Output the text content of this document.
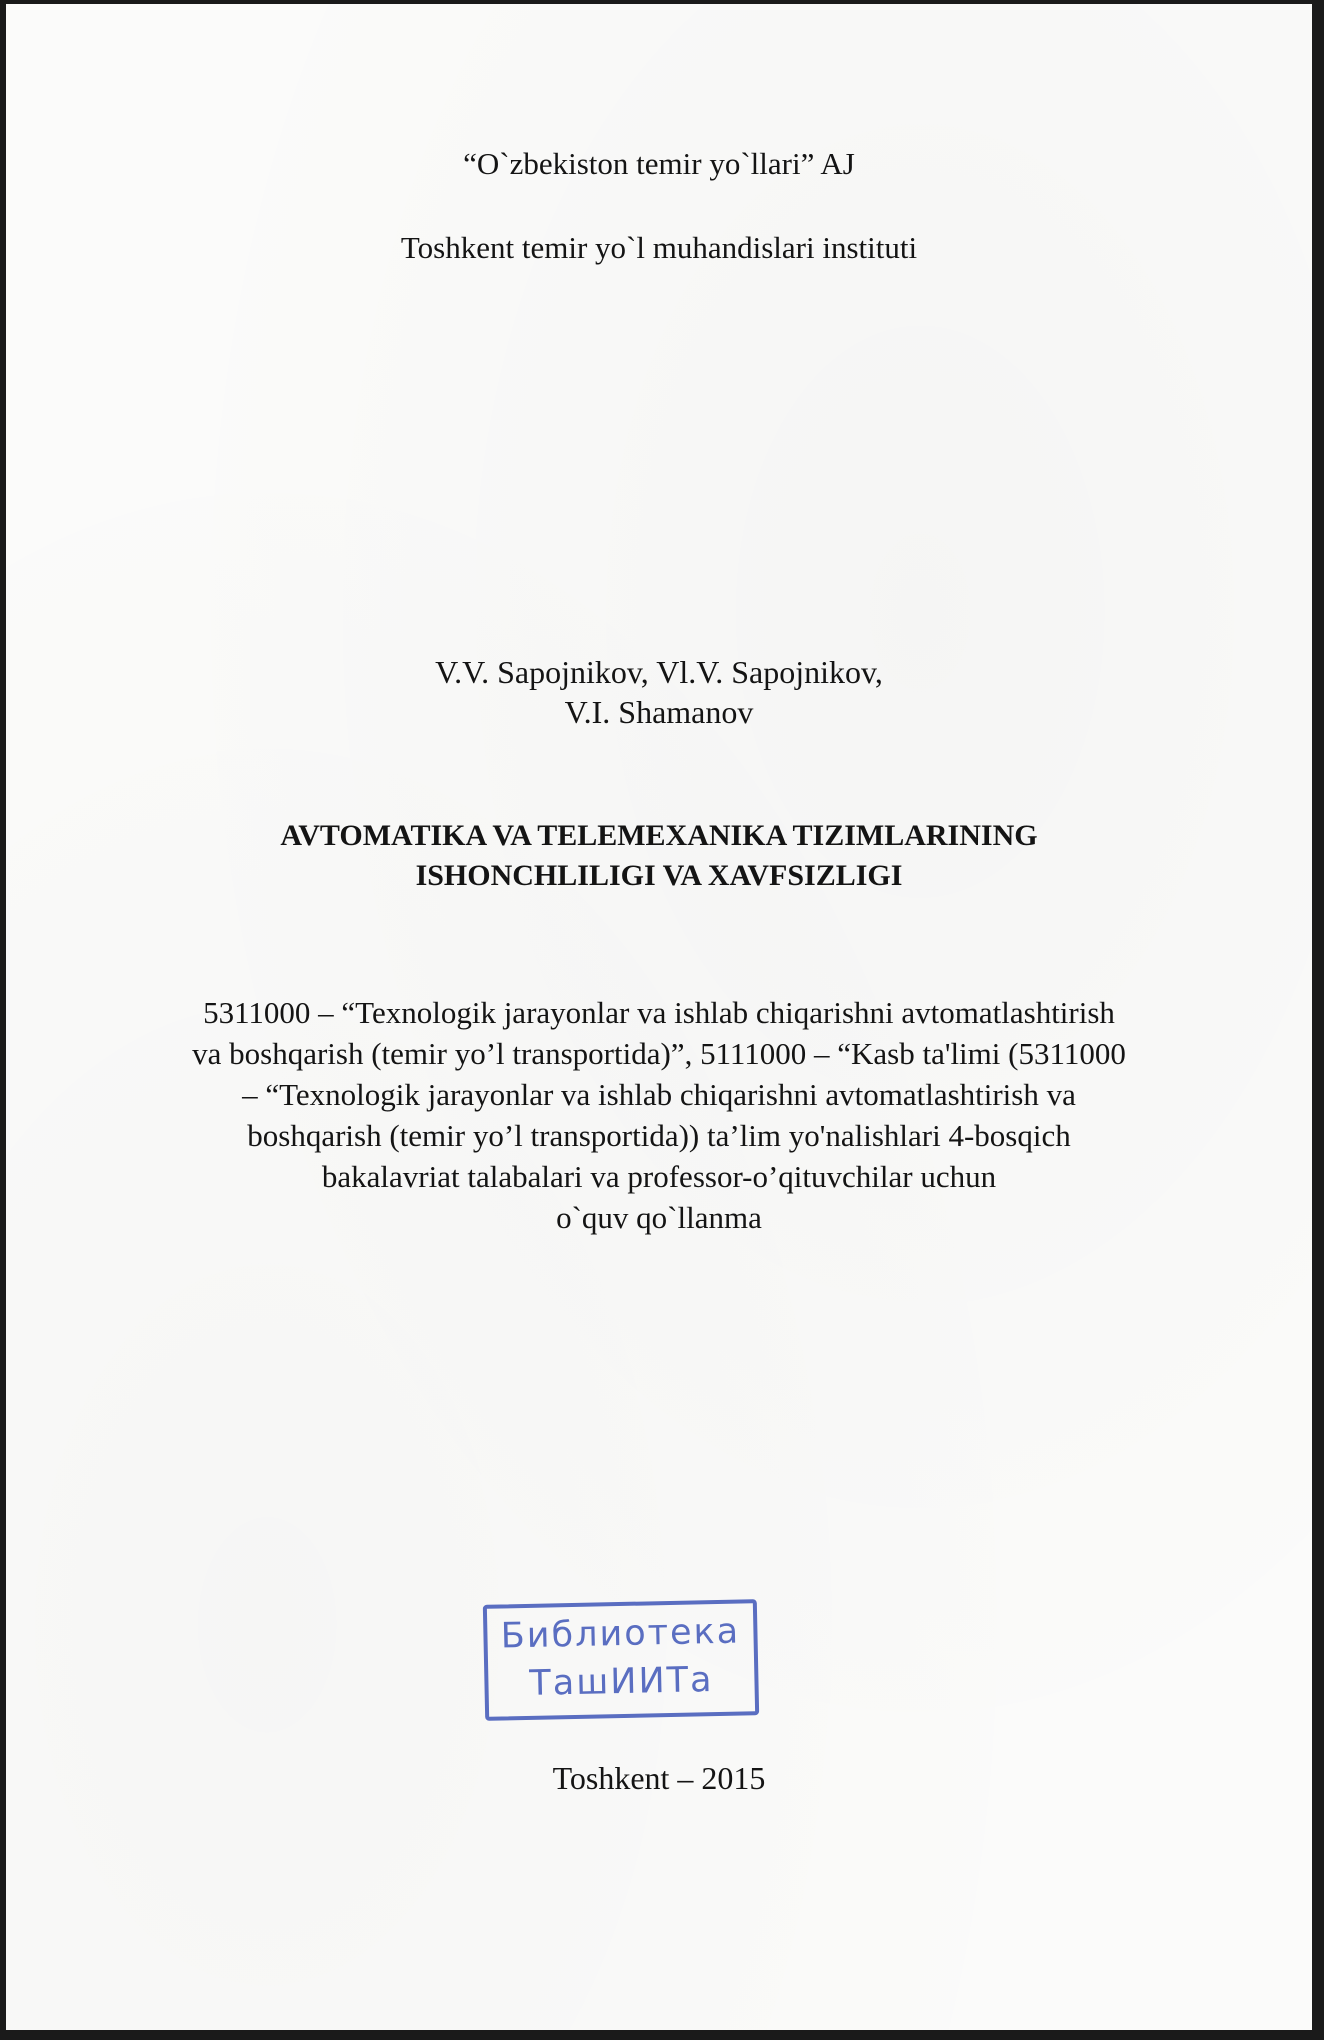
“O`zbekiston temir yo`llari” AJ
Toshkent temir yo`l muhandislari instituti
V.V. Sapojnikov, Vl.V. Sapojnikov,
V.I. Shamanov
AVTOMATIKA VA TELEMEXANIKA TIZIMLARINING
ISHONCHLILIGI VA XAVFSIZLIGI
5311000 – “Texnologik jarayonlar va ishlab chiqarishni avtomatlashtirish
va boshqarish (temir yo’l transportida)”, 5111000 – “Kasb ta'limi (5311000
– “Texnologik jarayonlar va ishlab chiqarishni avtomatlashtirish va
boshqarish (temir yo’l transportida)) ta’lim yo'nalishlari 4-bosqich
bakalavriat talabalari va professor-o’qituvchilar uchun
o`quv qo`llanma
Библиотека
ТашИИТа
Toshkent – 2015
